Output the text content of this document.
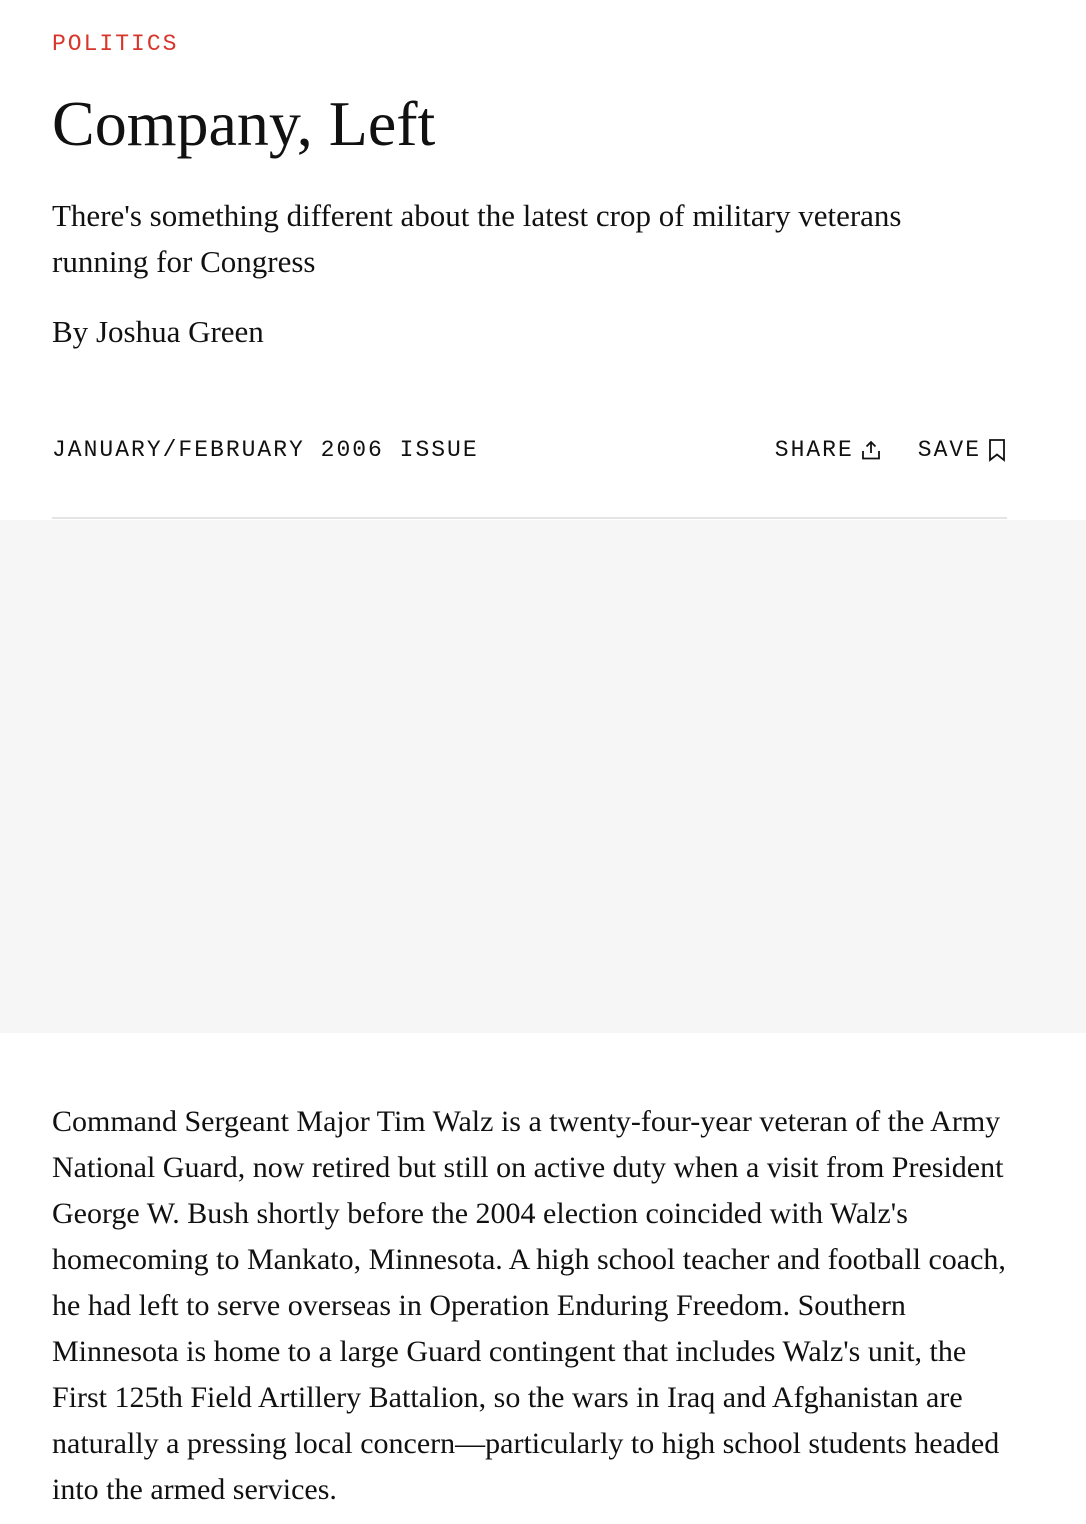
POLITICS
Company, Left

There's something different about the latest crop of military veterans running for Congress

By Joshua Green

JANUARY/FEBRUARY 2006 ISSUE	SHARE	SAVE

Command Sergeant Major Tim Walz is a twenty-four-year veteran of the Army National Guard, now retired but still on active duty when a visit from President George W. Bush shortly before the 2004 election coincided with Walz's homecoming to Mankato, Minnesota. A high school teacher and football coach, he had left to serve overseas in Operation Enduring Freedom. Southern Minnesota is home to a large Guard contingent that includes Walz's unit, the First 125th Field Artillery Battalion, so the wars in Iraq and Afghanistan are naturally a pressing local concern—particularly to high school students headed into the armed services.
